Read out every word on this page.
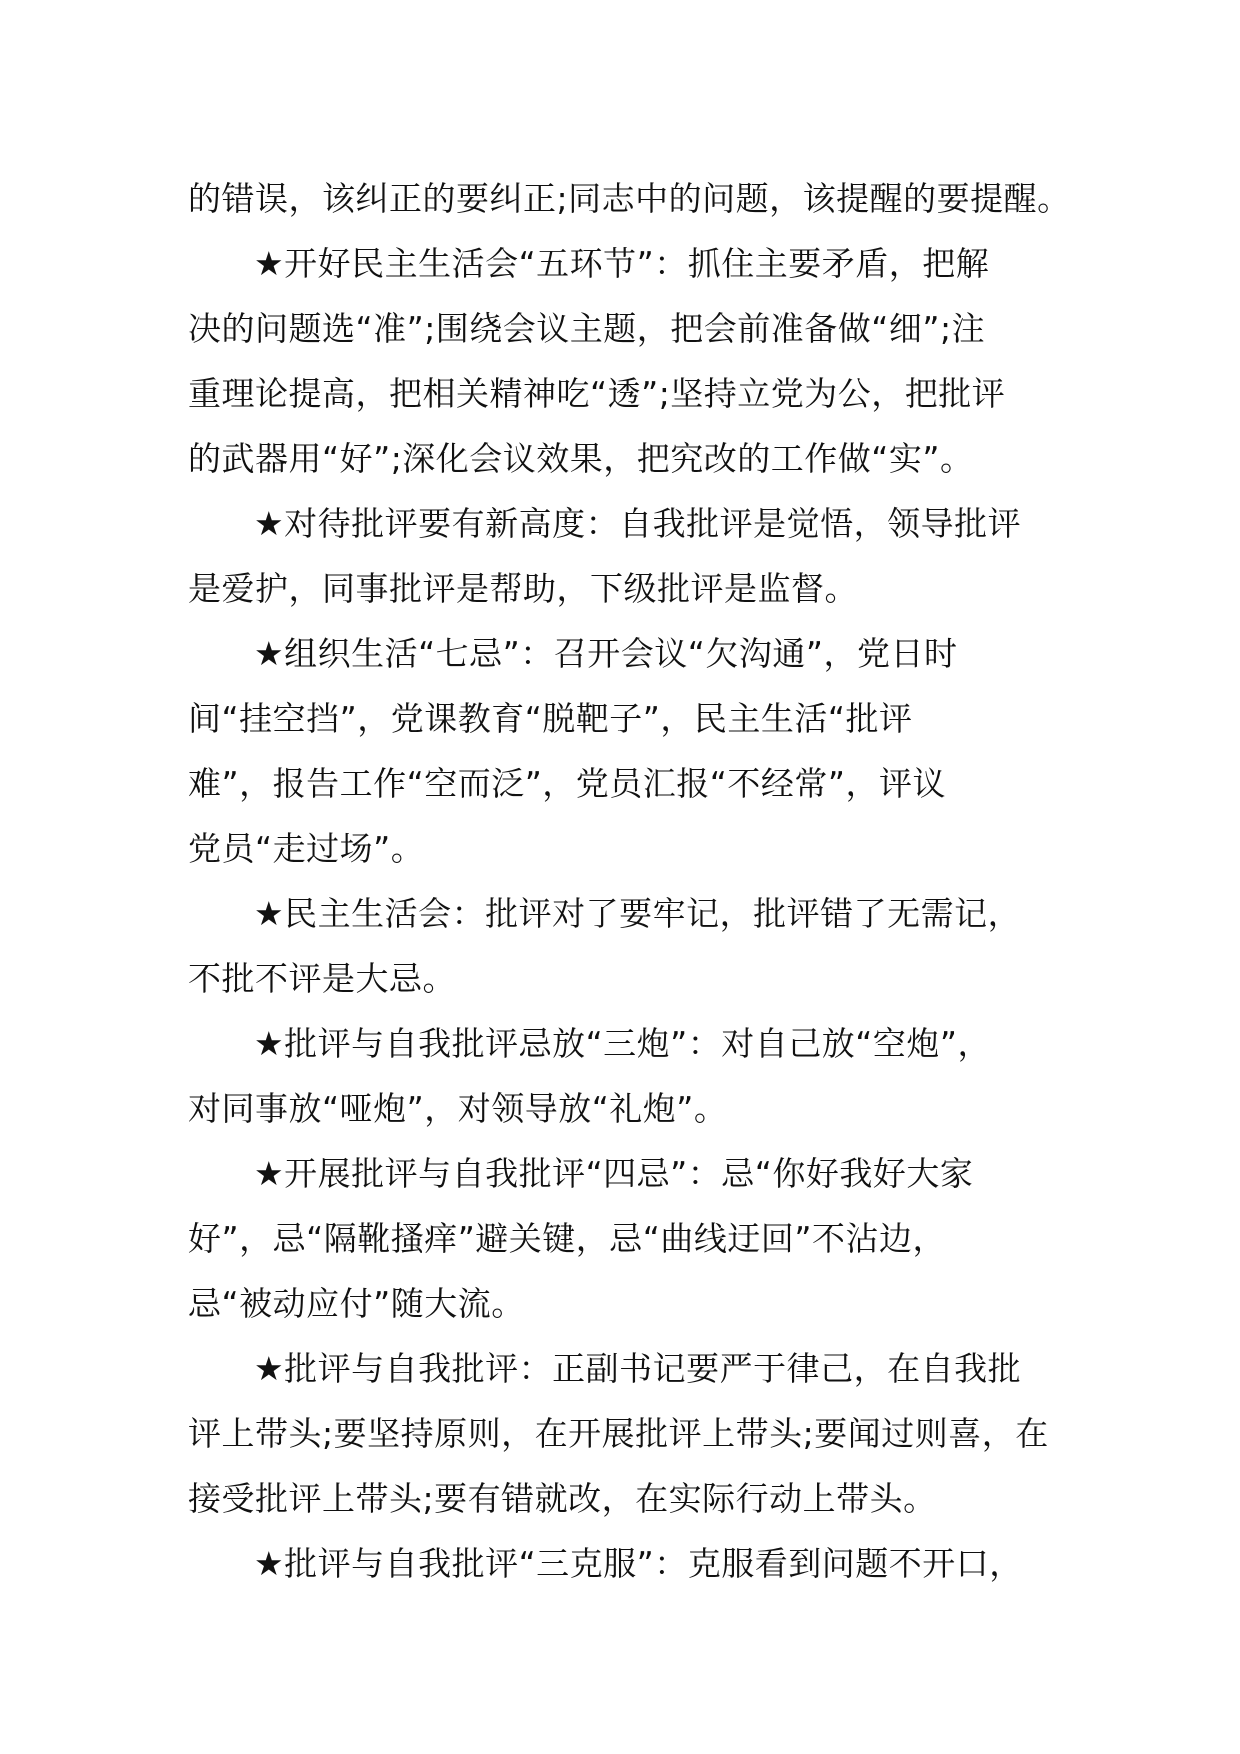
的错误，该纠正的要纠正;同志中的问题，该提醒的要提醒。
★开好民主生活会“五环节”：抓住主要矛盾，把解
决的问题选“准”;围绕会议主题，把会前准备做“细”;注
重理论提高，把相关精神吃“透”;坚持立党为公，把批评
的武器用“好”;深化会议效果，把究改的工作做“实”。
★对待批评要有新高度：自我批评是觉悟，领导批评
是爱护，同事批评是帮助，下级批评是监督。
★组织生活“七忌”：召开会议“欠沟通”，党日时
间“挂空挡”，党课教育“脱靶子”，民主生活“批评
难”，报告工作“空而泛”，党员汇报“不经常”，评议
党员“走过场”。
★民主生活会：批评对了要牢记，批评错了无需记，
不批不评是大忌。
★批评与自我批评忌放“三炮”：对自己放“空炮”，
对同事放“哑炮”，对领导放“礼炮”。
★开展批评与自我批评“四忌”：忌“你好我好大家
好”，忌“隔靴搔痒”避关键，忌“曲线迂回”不沾边，
忌“被动应付”随大流。
★批评与自我批评：正副书记要严于律己，在自我批
评上带头;要坚持原则，在开展批评上带头;要闻过则喜，在
接受批评上带头;要有错就改，在实际行动上带头。
★批评与自我批评“三克服”：克服看到问题不开口，
